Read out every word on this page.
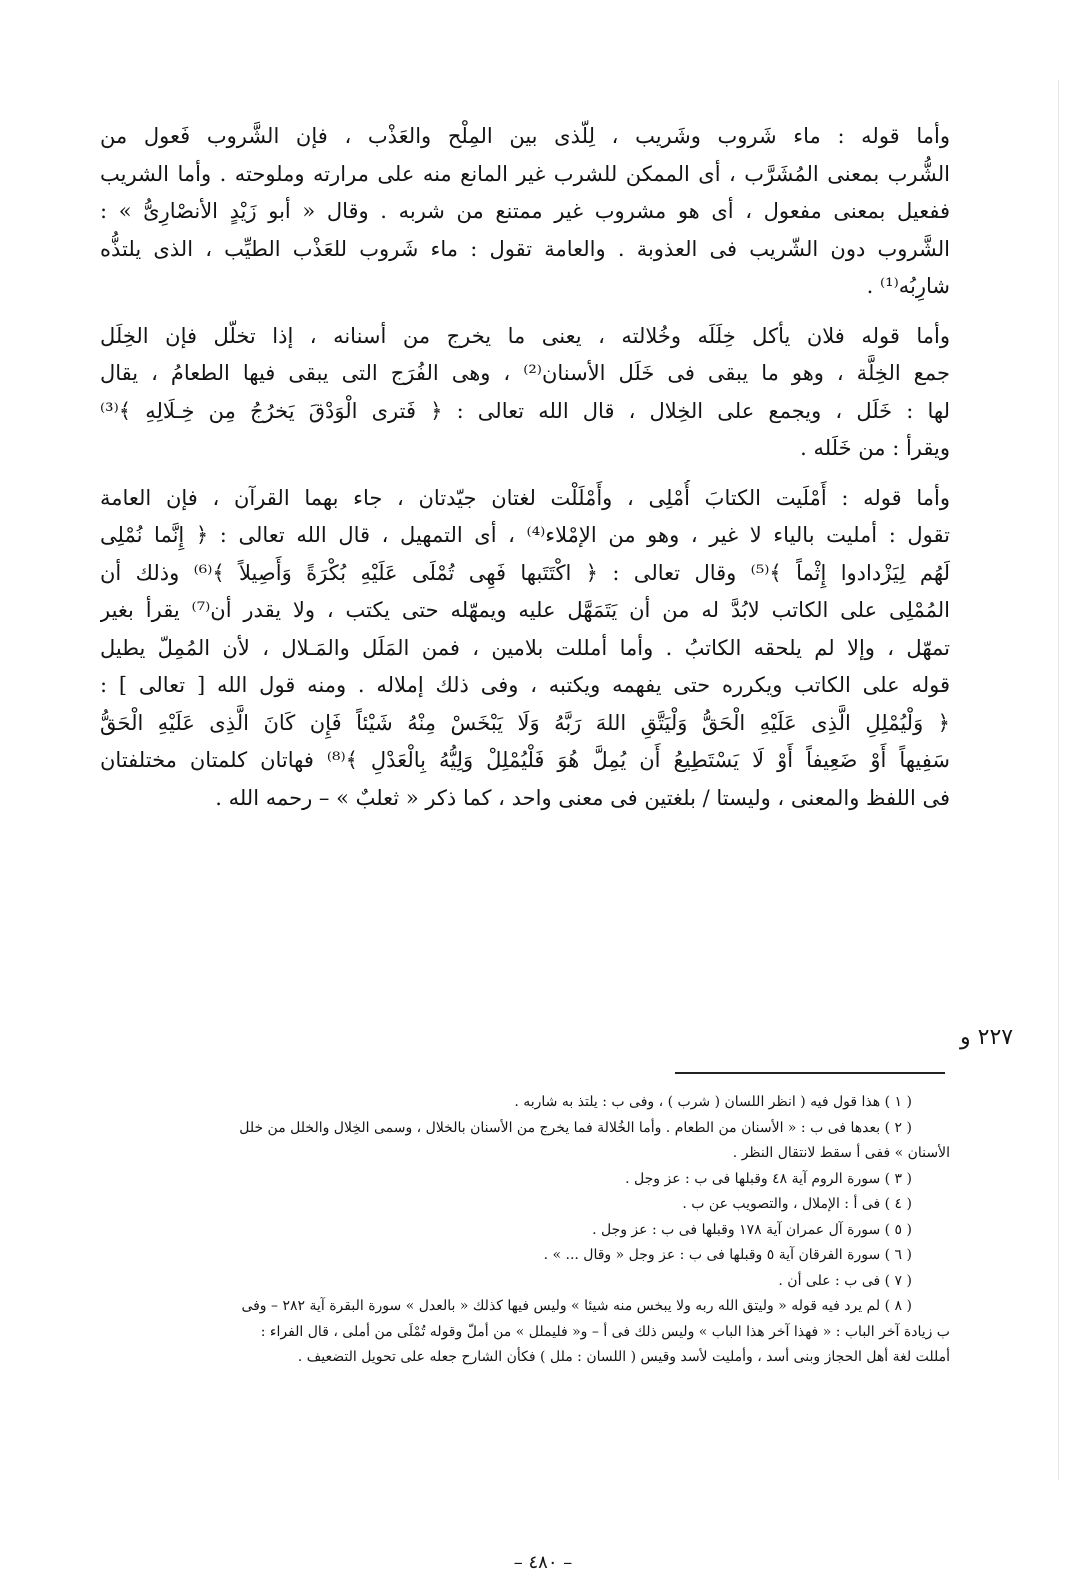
وأما قوله : ماء شَروب وشَريب ، لِلّذى بين المِلْح والعَذْب ، فإن الشَّروب فَعول من
الشُّرب بمعنى المُشَرَّب ، أى الممكن للشرب غير المانع منه على مرارته وملوحته . وأما الشريب
ففعيل بمعنى مفعول ، أى هو مشروب غير ممتنع من شربه . وقال « أبو زَيْدٍ الأنصْارِىُّ » :
الشَّروب دون الشّريب فى العذوبة . والعامة تقول : ماء شَروب للعَذْب الطيِّب ، الذى يلتذُّه
شارِبُه⁽¹⁾ .
وأما قوله فلان يأكل خِلَلَه وخُلالته ، يعنى ما يخرج من أسنانه ، إذا تخلّل فإن الخِلَل
جمع الخِلَّة ، وهو ما يبقى فى خَلَل الأسنان⁽²⁾ ، وهى الفُرَج التى يبقى فيها الطعامُ ، يقال
لها : خَلَل ، ويجمع على الخِلال ، قال الله تعالى : ﴿ فَترى الْوَدْقَ يَخرُجُ مِن خِـلَالِهِ ﴾⁽³⁾
ويقرأ : من خَلَله .
وأما قوله : أَمْلَيت الكتابَ أُمْلِى ، وأَمْلَلْت لغتان جيّدتان ، جاء بهما القرآن ، فإن العامة
تقول : أمليت بالياء لا غير ، وهو من الإمْلاء⁽⁴⁾ ، أى التمهيل ، قال الله تعالى : ﴿ إِنَّما نُمْلِى
لَهُم لِيَزْدادوا إِثْماً ﴾⁽⁵⁾ وقال تعالى : ﴿ اكْتَتَبها فَهِى تُمْلَى عَلَيْهِ بُكْرَةً وَأَصِيلاً ﴾⁽⁶⁾ وذلك أن
المُمْلِى على الكاتب لابُدَّ له من أن يَتَمَهَّل عليه ويمهّله حتى يكتب ، ولا يقدر أن⁽⁷⁾ يقرأ بغير
تمهّل ، وإلا لم يلحقه الكاتبُ . وأما أمللت بلامين ، فمن المَلَل والمَـلال ، لأن المُمِلّ يطيل
قوله على الكاتب ويكرره حتى يفهمه ويكتبه ، وفى ذلك إملاله . ومنه قول الله [ تعالى ] :
﴿ وَلْيُمْلِلِ الَّذِى عَلَيْهِ الْحَقُّ وَلْيَتَّقِ اللهَ رَبَّهُ وَلَا يَبْخَسْ مِنْهُ شَيْئاً فَإِن كَانَ الَّذِى عَلَيْهِ الْحَقُّ
سَفِيهاً أَوْ ضَعِيفاً أَوْ لَا يَسْتَطِيعُ أَن يُمِلَّ هُوَ فَلْيُمْلِلْ وَلِيُّهُ بِالْعَدْلِ ﴾⁽⁸⁾ فهاتان كلمتان مختلفتان
فى اللفظ والمعنى ، وليستا / بلغتين فى معنى واحد ، كما ذكر « ثعلبٌ » – رحمه الله .
٢٢٧ و
( ١ ) هذا قول فيه ( انظر اللسان ( شرب ) ، وفى ب : يلتذ به شاربه .
( ٢ ) بعدها فى ب : « الأسنان من الطعام . وأما الخُلالة فما يخرج من الأسنان بالخلال ، وسمى الخِلال والخلل من خلل
الأسنان » ففى أ سقط لانتقال النظر .
( ٣ ) سورة الروم آية ٤٨ وقبلها فى ب : عز وجل .
( ٤ ) فى أ : الإملال ، والتصويب عن ب .
( ٥ ) سورة آل عمران آية ١٧٨ وقبلها فى ب : عز وجل .
( ٦ ) سورة الفرقان آية ٥ وقبلها فى ب : عز وجل « وقال ... » .
( ٧ ) فى ب : على أن .
( ٨ ) لم يرد فيه قوله « وليتق الله ربه ولا يبخس منه شيئا » وليس فيها كذلك « بالعدل » سورة البقرة آية ٢٨٢ – وفى
ب زيادة آخر الباب : « فهذا آخر هذا الباب » وليس ذلك فى أ – و« فليملل » من أملّ وقوله تُمْلَى من أملى ، قال الفراء :
أمللت لغة أهل الحجاز وبنى أسد ، وأمليت لأسد وقيس ( اللسان : ملل ) فكأن الشارح جعله على تحويل التضعيف .
– ٤٨٠ –
